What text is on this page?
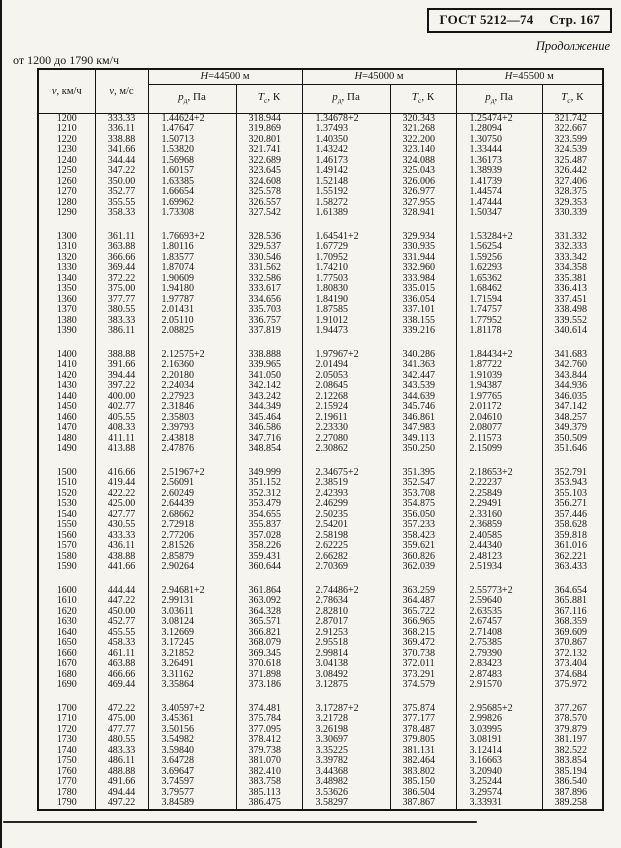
ГОСТ 5212—74 Стр. 167
Продолжение
от 1200 до 1790 км/ч
v, км/ч	v, м/с	H=44500 м		H=45000 м		H=45500 м	
		$p_д$, Па	$T_с$, К	$p_д$, Па	$T_с$, К	$p_д$, Па	$T_с$, К
1200	333.33	1.44624+2	318.944	1.34678+2	320.343	1.25474+2	321.742
1210	336.11	1.47647	319.869	1.37493	321.268	1.28094	322.667
1220	338.88	1.50713	320.801	1.40350	322.200	1.30750	323.599
1230	341.66	1.53820	321.741	1.43242	323.140	1.33444	324.539
1240	344.44	1.56968	322.689	1.46173	324.088	1.36173	325.487
1250	347.22	1.60157	323.645	1.49142	325.043	1.38939	326.442
1260	350.00	1.63385	324.608	1.52148	326.006	1.41739	327.406
1270	352.77	1.66654	325.578	1.55192	326.977	1.44574	328.375
1280	355.55	1.69962	326.557	1.58272	327.955	1.47444	329.353
1290	358.33	1.73308	327.542	1.61389	328.941	1.50347	330.339

1300	361.11	1.76693+2	328.536	1.64541+2	329.934	1.53284+2	331.332
1310	363.88	1.80116	329.537	1.67729	330.935	1.56254	332.333
1320	366.66	1.83577	330.546	1.70952	331.944	1.59256	333.342
1330	369.44	1.87074	331.562	1.74210	332.960	1.62293	334.358
1340	372.22	1.90609	332.586	1.77503	333.984	1.65362	335.381
1350	375.00	1.94180	333.617	1.80830	335.015	1.68462	336.413
1360	377.77	1.97787	334.656	1.84190	336.054	1.71594	337.451
1370	380.55	2.01431	335.703	1.87585	337.101	1.74757	338.498
1380	383.33	2.05110	336.757	1.91012	338.155	1.77952	339.552
1390	386.11	2.08825	337.819	1.94473	339.216	1.81178	340.614

1400	388.88	2.12575+2	338.888	1.97967+2	340.286	1.84434+2	341.683
1410	391.66	2.16360	339.965	2.01494	341.363	1.87722	342.760
1420	394.44	2.20180	341.050	2.05053	342.447	1.91039	343.844
1430	397.22	2.24034	342.142	2.08645	343.539	1.94387	344.936
1440	400.00	2.27923	343.242	2.12268	344.639	1.97765	346.035
1450	402.77	2.31846	344.349	2.15924	345.746	2.01172	347.142
1460	405.55	2.35803	345.464	2.19611	346.861	2.04610	348.257
1470	408.33	2.39793	346.586	2.23330	347.983	2.08077	349.379
1480	411.11	2.43818	347.716	2.27080	349.113	2.11573	350.509
1490	413.88	2.47876	348.854	2.30862	350.250	2.15099	351.646

1500	416.66	2.51967+2	349.999	2.34675+2	351.395	2.18653+2	352.791
1510	419.44	2.56091	351.152	2.38519	352.547	2.22237	353.943
1520	422.22	2.60249	352.312	2.42393	353.708	2.25849	355.103
1530	425.00	2.64439	353.479	2.46299	354.875	2.29491	356.271
1540	427.77	2.68662	354.655	2.50235	356.050	2.33160	357.446
1550	430.55	2.72918	355.837	2.54201	357.233	2.36859	358.628
1560	433.33	2.77206	357.028	2.58198	358.423	2.40585	359.818
1570	436.11	2.81526	358.226	2.62225	359.621	2.44340	361.016
1580	438.88	2.85879	359.431	2.66282	360.826	2.48123	362.221
1590	441.66	2.90264	360.644	2.70369	362.039	2.51934	363.433

1600	444.44	2.94681+2	361.864	2.74486+2	363.259	2.55773+2	364.654
1610	447.22	2.99131	363.092	2.78634	364.487	2.59640	365.881
1620	450.00	3.03611	364.328	2.82810	365.722	2.63535	367.116
1630	452.77	3.08124	365.571	2.87017	366.965	2.67457	368.359
1640	455.55	3.12669	366.821	2.91253	368.215	2.71408	369.609
1650	458.33	3.17245	368.079	2.95518	369.472	2.75385	370.867
1660	461.11	3.21852	369.345	2.99814	370.738	2.79390	372.132
1670	463.88	3.26491	370.618	3.04138	372.011	2.83423	373.404
1680	466.66	3.31162	371.898	3.08492	373.291	2.87483	374.684
1690	469.44	3.35864	373.186	3.12875	374.579	2.91570	375.972

1700	472.22	3.40597+2	374.481	3.17287+2	375.874	2.95685+2	377.267
1710	475.00	3.45361	375.784	3.21728	377.177	2.99826	378.570
1720	477.77	3.50156	377.095	3.26198	378.487	3.03995	379.879
1730	480.55	3.54982	378.412	3.30697	379.805	3.08191	381.197
1740	483.33	3.59840	379.738	3.35225	381.131	3.12414	382.522
1750	486.11	3.64728	381.070	3.39782	382.464	3.16663	383.854
1760	488.88	3.69647	382.410	3.44368	383.802	3.20940	385.194
1770	491.66	3.74597	383.758	3.48982	385.150	3.25244	386.540
1780	494.44	3.79577	385.113	3.53626	386.504	3.29574	387.896
1790	497.22	3.84589	386.475	3.58297	387.867	3.33931	389.258
